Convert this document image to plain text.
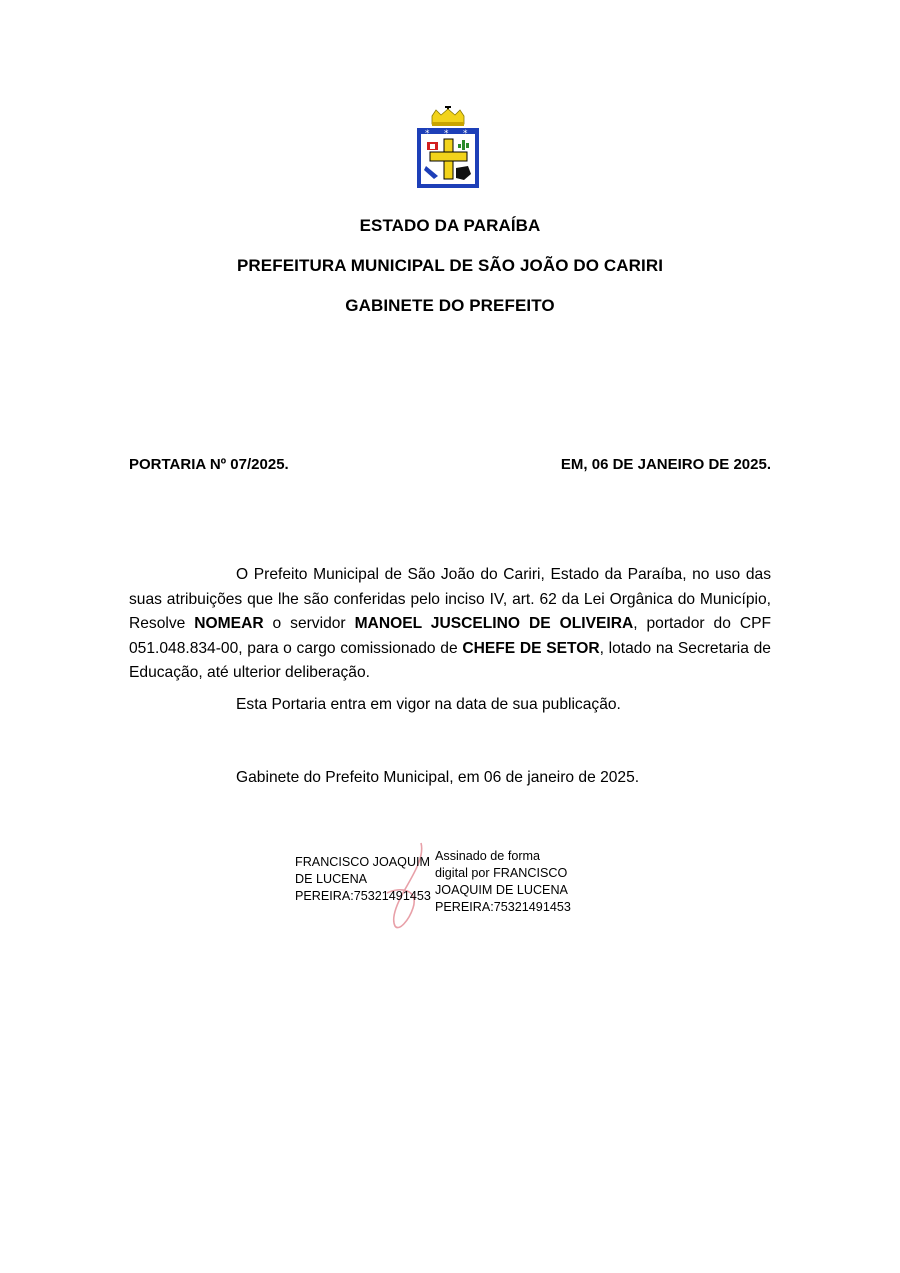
* * *
ESTADO DA PARAÍBA
PREFEITURA MUNICIPAL DE SÃO JOÃO DO CARIRI
GABINETE DO PREFEITO
PORTARIA Nº 07/2025.	EM, 06 DE JANEIRO DE 2025.
O Prefeito Municipal de São João do Cariri, Estado da Paraíba, no uso das suas atribuições que lhe são conferidas pelo inciso IV, art. 62 da Lei Orgânica do Município, Resolve NOMEAR o servidor MANOEL JUSCELINO DE OLIVEIRA, portador do CPF 051.048.834-00, para o cargo comissionado de CHEFE DE SETOR, lotado na Secretaria de Educação, até ulterior deliberação.
Esta Portaria entra em vigor na data de sua publicação.
Gabinete do Prefeito Municipal, em 06 de janeiro de 2025.
FRANCISCO JOAQUIM
DE LUCENA
PEREIRA:75321491453
Assinado de forma
digital por FRANCISCO
JOAQUIM DE LUCENA
PEREIRA:75321491453
